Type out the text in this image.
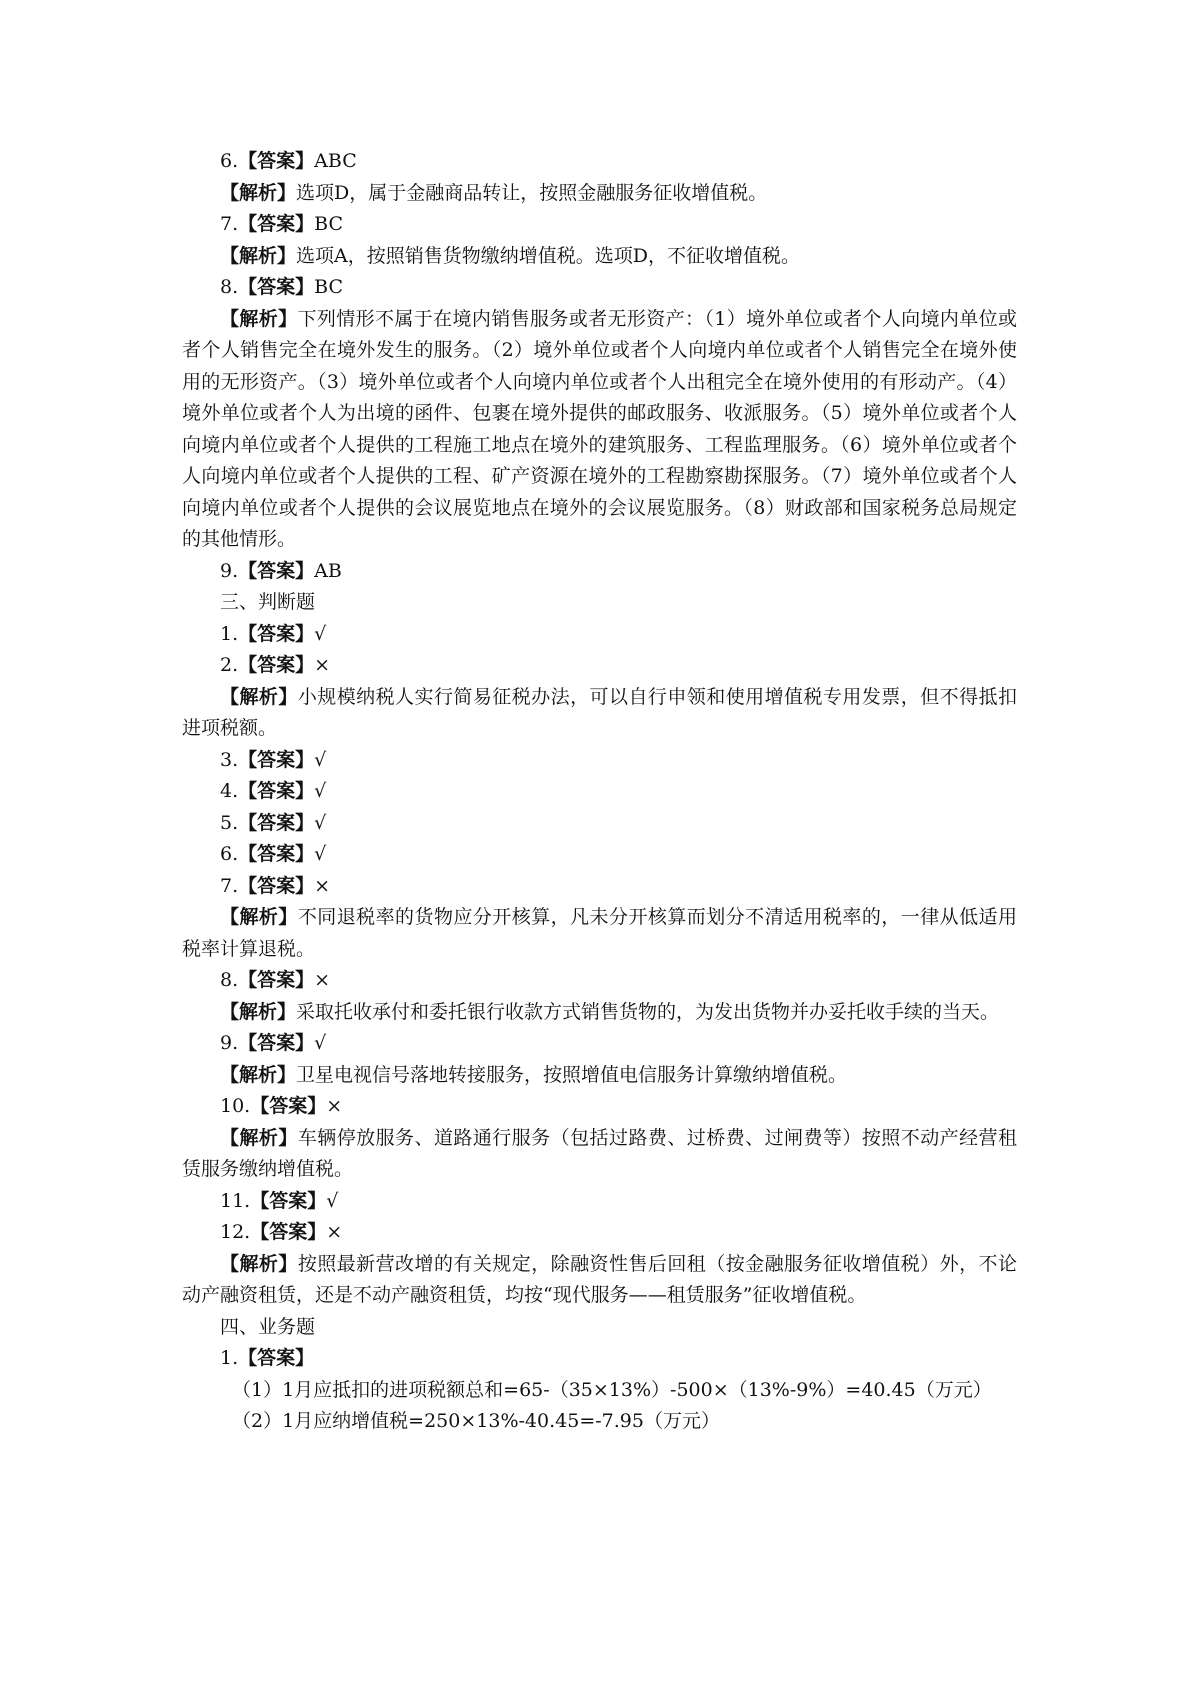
6.【答案】ABC

【解析】选项D，属于金融商品转让，按照金融服务征收增值税。

7.【答案】BC

【解析】选项A，按照销售货物缴纳增值税。选项D，不征收增值税。

8.【答案】BC

【解析】下列情形不属于在境内销售服务或者无形资产：（1）境外单位或者个人向境内单位或者个人销售完全在境外发生的服务。（2）境外单位或者个人向境内单位或者个人销售完全在境外使用的无形资产。（3）境外单位或者个人向境内单位或者个人出租完全在境外使用的有形动产。（4）境外单位或者个人为出境的函件、包裹在境外提供的邮政服务、收派服务。（5）境外单位或者个人向境内单位或者个人提供的工程施工地点在境外的建筑服务、工程监理服务。（6）境外单位或者个人向境内单位或者个人提供的工程、矿产资源在境外的工程勘察勘探服务。（7）境外单位或者个人向境内单位或者个人提供的会议展览地点在境外的会议展览服务。（8）财政部和国家税务总局规定的其他情形。

9.【答案】AB

三、判断题

1.【答案】√

2.【答案】×

【解析】小规模纳税人实行简易征税办法，可以自行申领和使用增值税专用发票，但不得抵扣进项税额。

3.【答案】√

4.【答案】√

5.【答案】√

6.【答案】√

7.【答案】×

【解析】不同退税率的货物应分开核算，凡未分开核算而划分不清适用税率的，一律从低适用税率计算退税。

8.【答案】×

【解析】采取托收承付和委托银行收款方式销售货物的，为发出货物并办妥托收手续的当天。

9.【答案】√

【解析】卫星电视信号落地转接服务，按照增值电信服务计算缴纳增值税。

10.【答案】×

【解析】车辆停放服务、道路通行服务（包括过路费、过桥费、过闸费等）按照不动产经营租赁服务缴纳增值税。

11.【答案】√

12.【答案】×

【解析】按照最新营改增的有关规定，除融资性售后回租（按金融服务征收增值税）外，不论动产融资租赁，还是不动产融资租赁，均按“现代服务——租赁服务”征收增值税。

四、业务题

1.【答案】

（1）1月应抵扣的进项税额总和=65-（35×13%）-500×（13%-9%）=40.45（万元）

（2）1月应纳增值税=250×13%-40.45=-7.95（万元）
